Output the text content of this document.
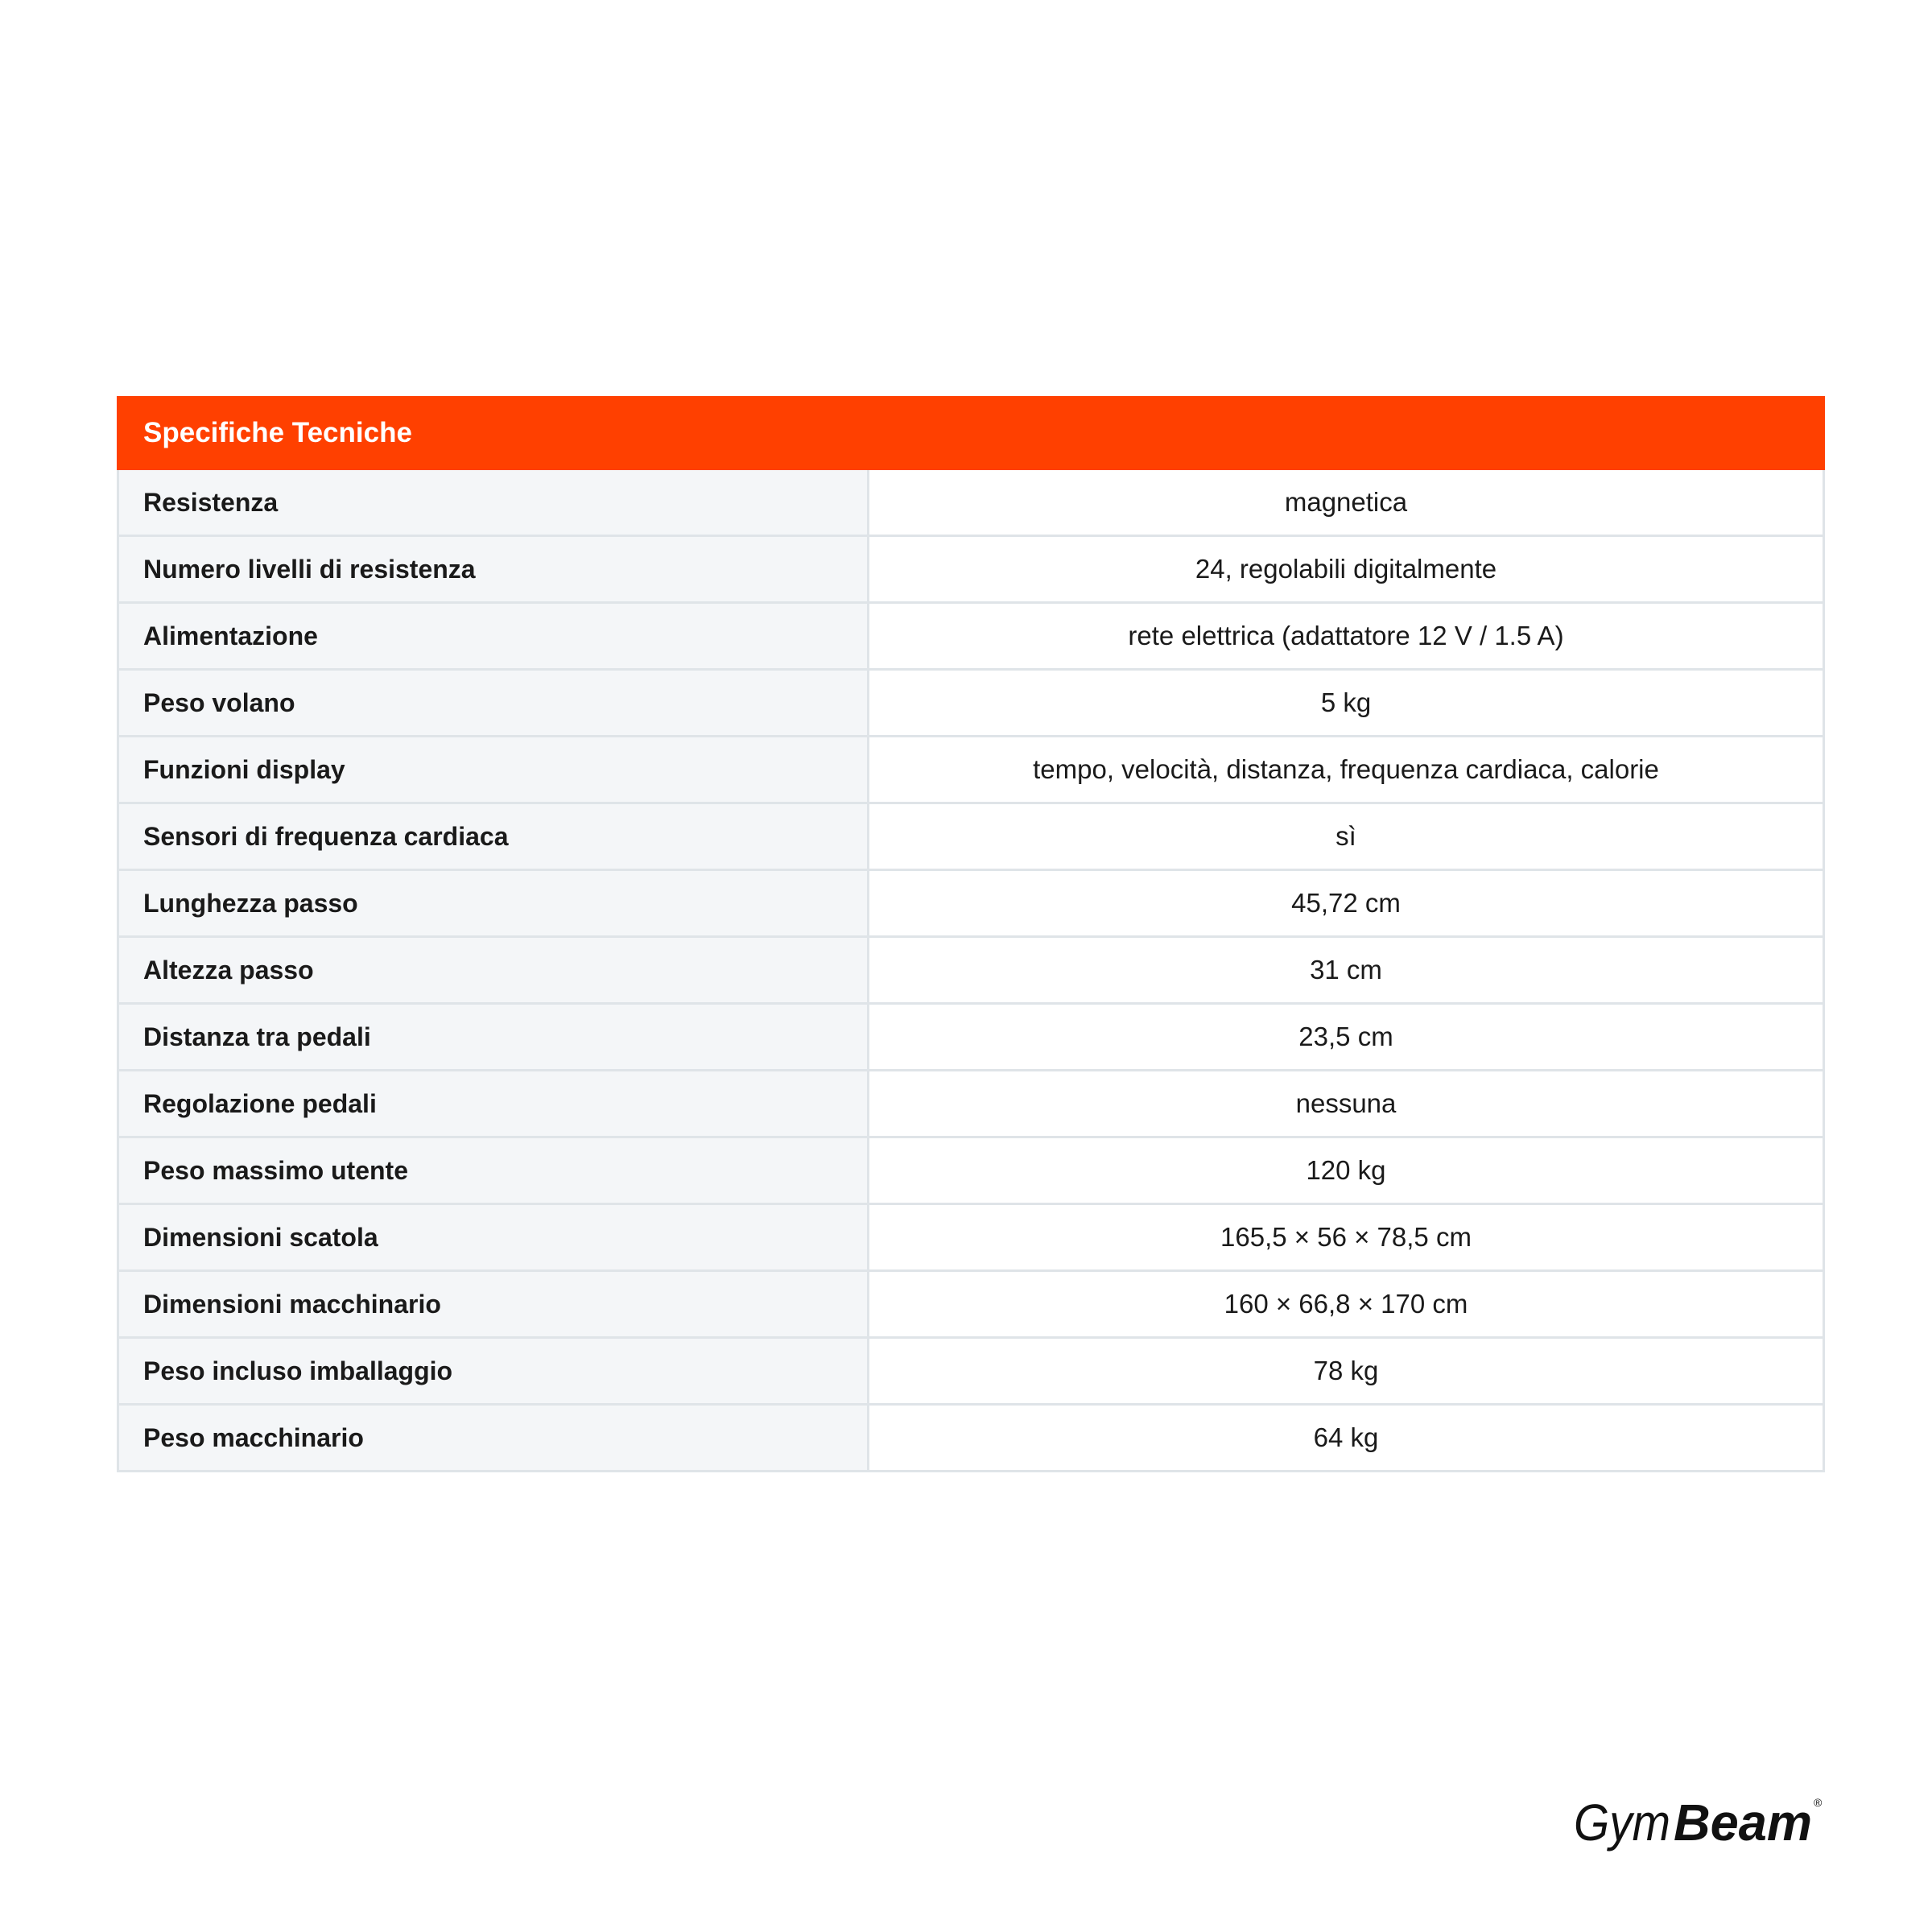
Specifiche Tecniche
Resistenza	magnetica
Numero livelli di resistenza	24, regolabili digitalmente
Alimentazione	rete elettrica (adattatore 12 V / 1.5 A)
Peso volano	5 kg
Funzioni display	tempo, velocità, distanza, frequenza cardiaca, calorie
Sensori di frequenza cardiaca	sì
Lunghezza passo	45,72 cm
Altezza passo	31 cm
Distanza tra pedali	23,5 cm
Regolazione pedali	nessuna
Peso massimo utente	120 kg
Dimensioni scatola	165,5 × 56 × 78,5 cm
Dimensioni macchinario	160 × 66,8 × 170 cm
Peso incluso imballaggio	78 kg
Peso macchinario	64 kg
Gym Beam ®
